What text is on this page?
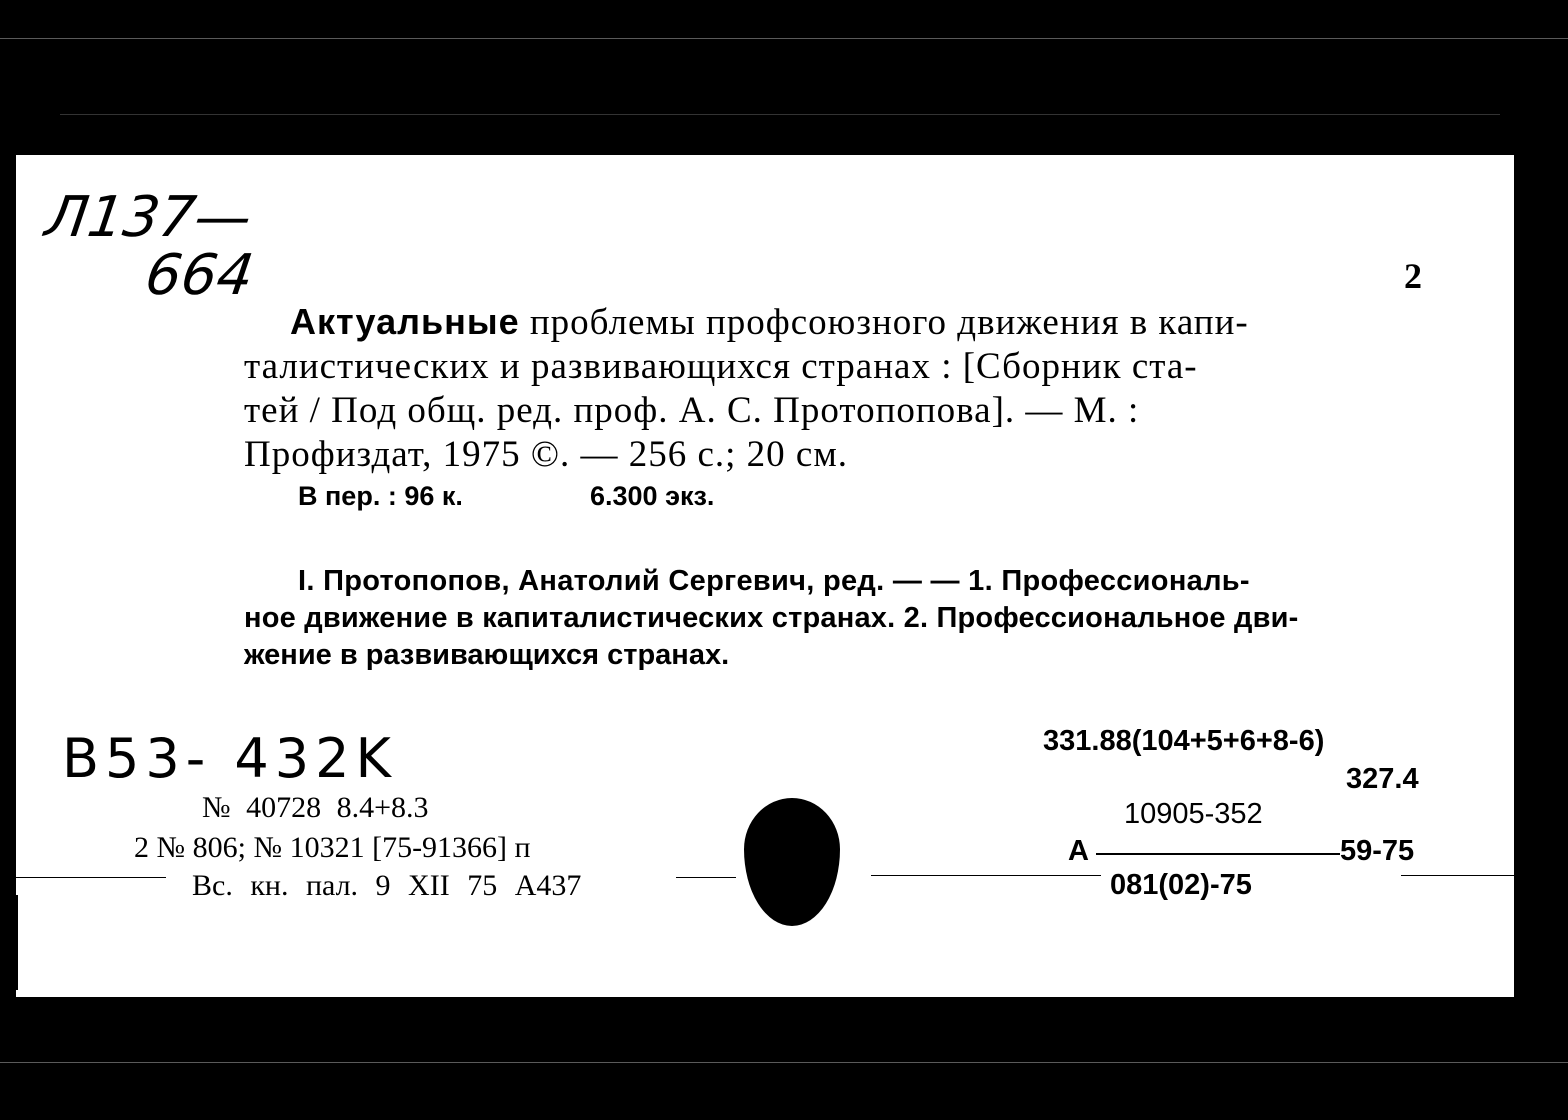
Л137—
664	2
Актуальные проблемы профсоюзного движения в капи-
талистических и развивающихся странах : [Сборник ста-
тей / Под общ. ред. проф. А. С. Протопопова]. — М. :
Профиздат, 1975 ©. — 256 с.; 20 см.
В пер. : 96 к.	6.300 экз.
I. Протопопов, Анатолий Сергевич, ред. — — 1. Профессиональ-
ное движение в капиталистических странах. 2. Профессиональное дви-
жение в развивающихся странах.
B53- 432K
№ 40728 8.4+8.3
2 № 806; № 10321 [75-91366] п
Вс. кн. пал. 9 XII 75 А437
331.88(104+5+6+8-6)
327.4
10905-352
А	59-75
081(02)-75
